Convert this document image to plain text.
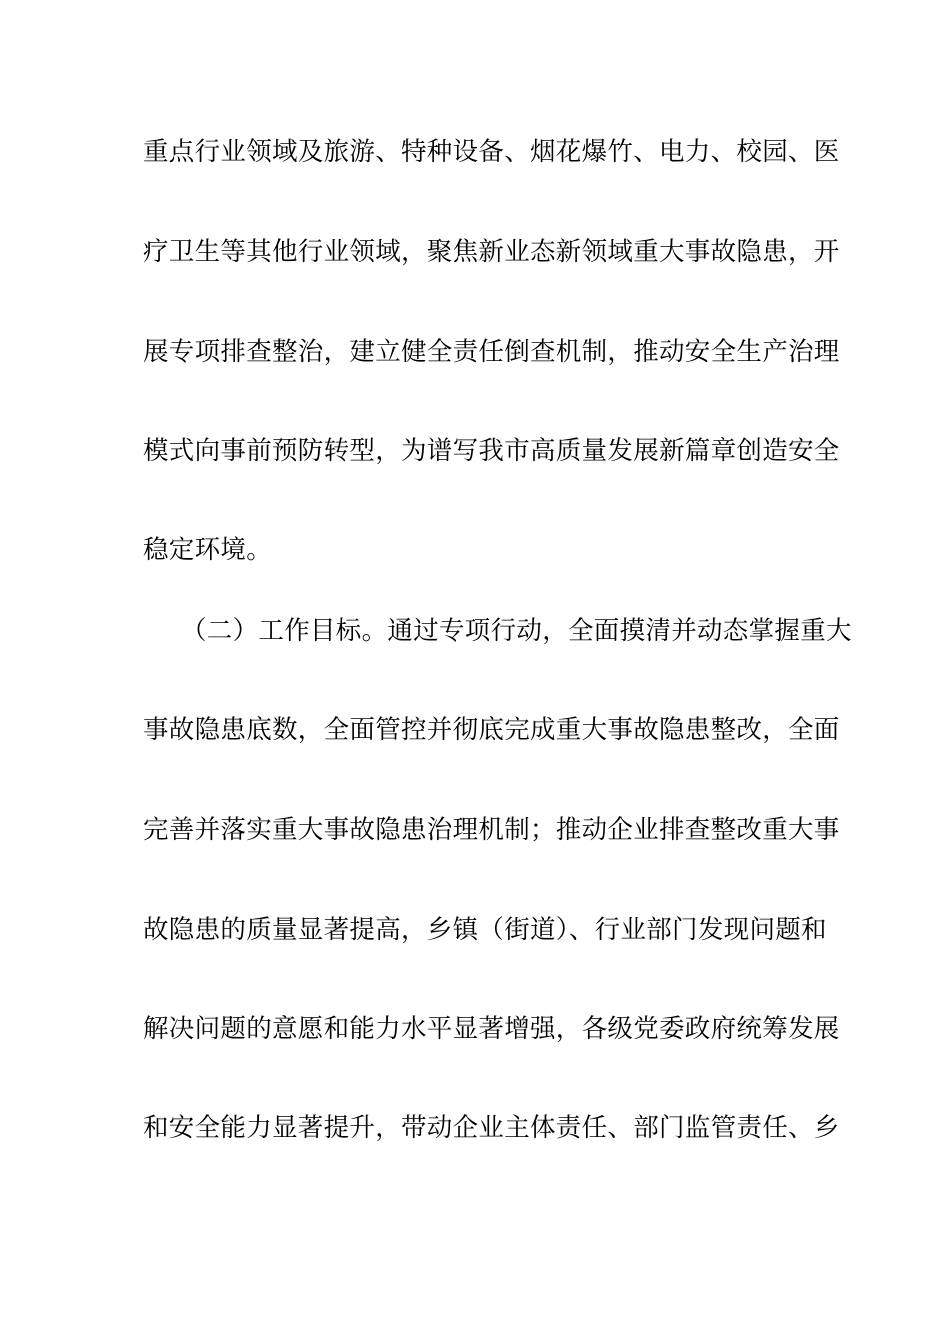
重点行业领域及旅游、特种设备、烟花爆竹、电力、校园、医
疗卫生等其他行业领域，聚焦新业态新领域重大事故隐患，开
展专项排查整治，建立健全责任倒查机制，推动安全生产治理
模式向事前预防转型，为谱写我市高质量发展新篇章创造安全
稳定环境。
（二）工作目标。通过专项行动，全面摸清并动态掌握重大
事故隐患底数，全面管控并彻底完成重大事故隐患整改，全面
完善并落实重大事故隐患治理机制；推动企业排查整改重大事
故隐患的质量显著提高，乡镇（街道）、行业部门发现问题和
解决问题的意愿和能力水平显著增强，各级党委政府统筹发展
和安全能力显著提升，带动企业主体责任、部门监管责任、乡
